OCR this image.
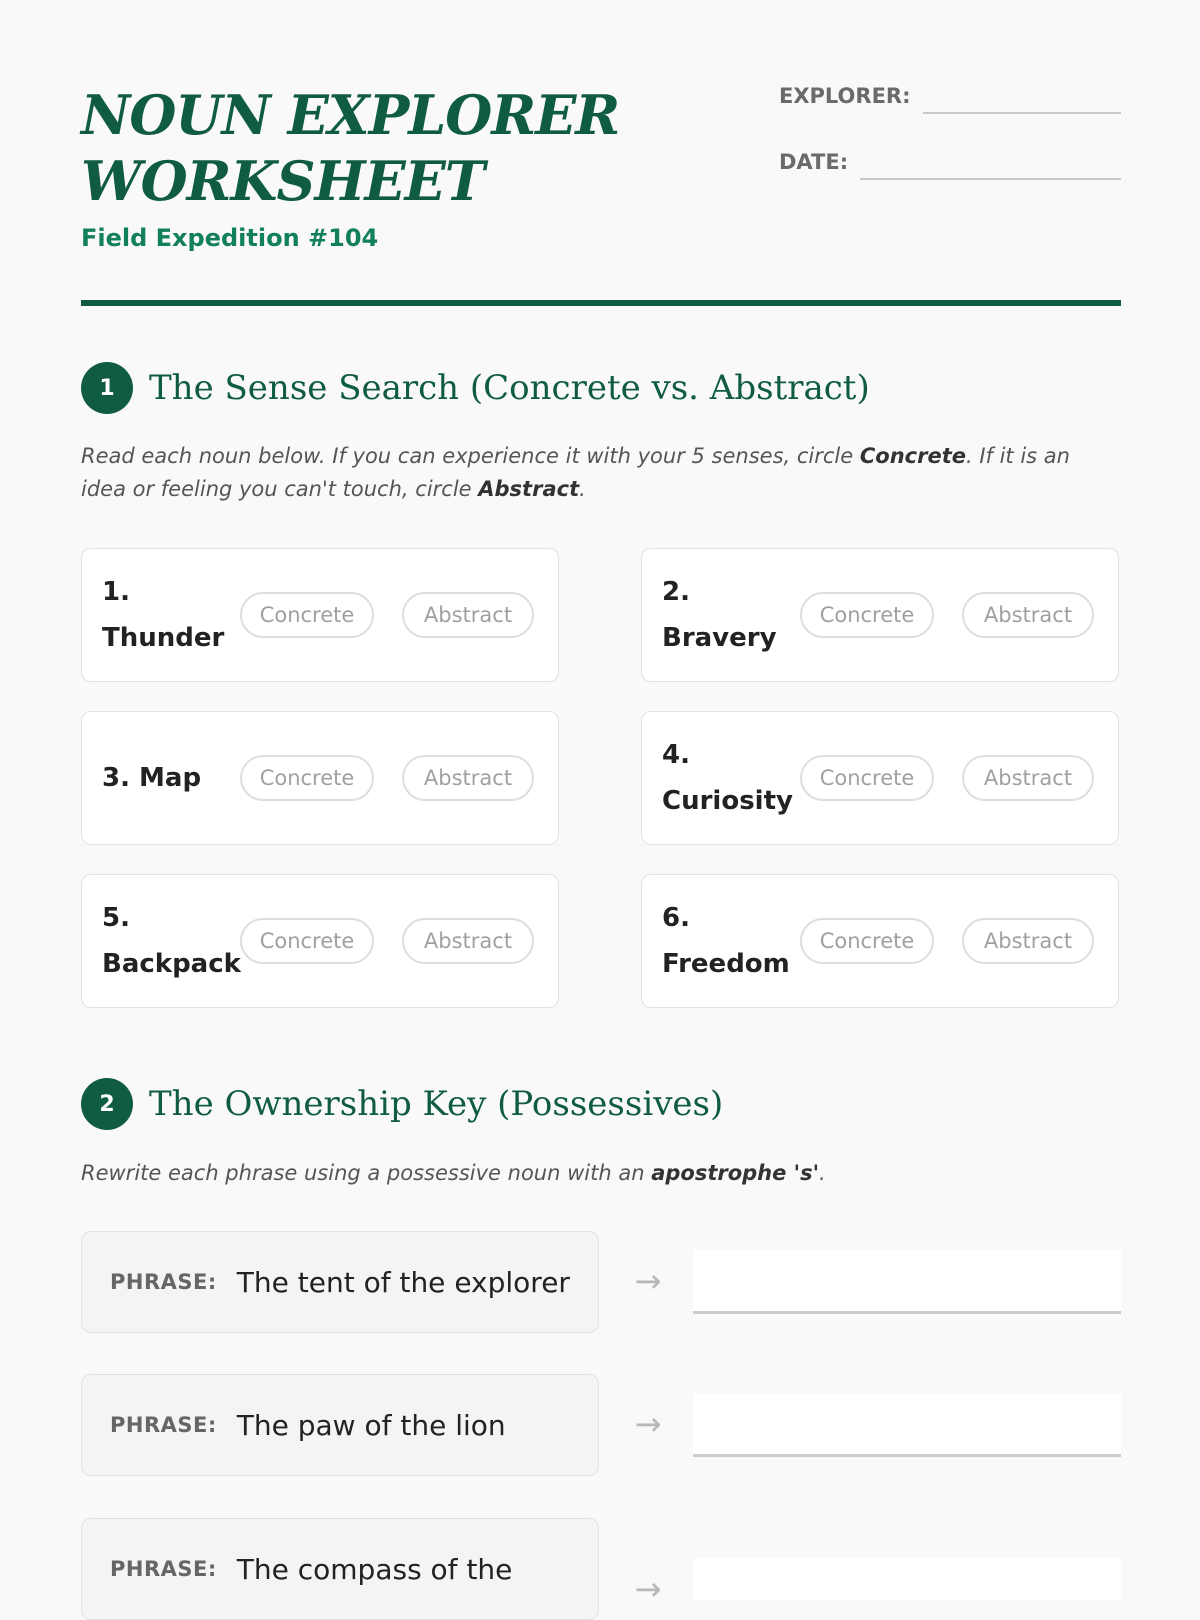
NOUN EXPLORER
WORKSHEET
Field Expedition #104
EXPLORER:
DATE:
1	The Sense Search (Concrete vs. Abstract)
Read each noun below. If you can experience it with your 5 senses, circle Concrete. If it is an idea or feeling you can't touch, circle Abstract.
1. Thunder
Concrete	Abstract
2. Bravery
Concrete	Abstract
3. Map	Concrete	Abstract
4. Curiosity
Concrete	Abstract
5. Backpack
Concrete	Abstract
6. Freedom
Concrete	Abstract
2	The Ownership Key (Possessives)
Rewrite each phrase using a possessive noun with an apostrophe 's'.
PHRASE: The tent of the explorer →
PHRASE: The paw of the lion	→
PHRASE: The compass of the
→
